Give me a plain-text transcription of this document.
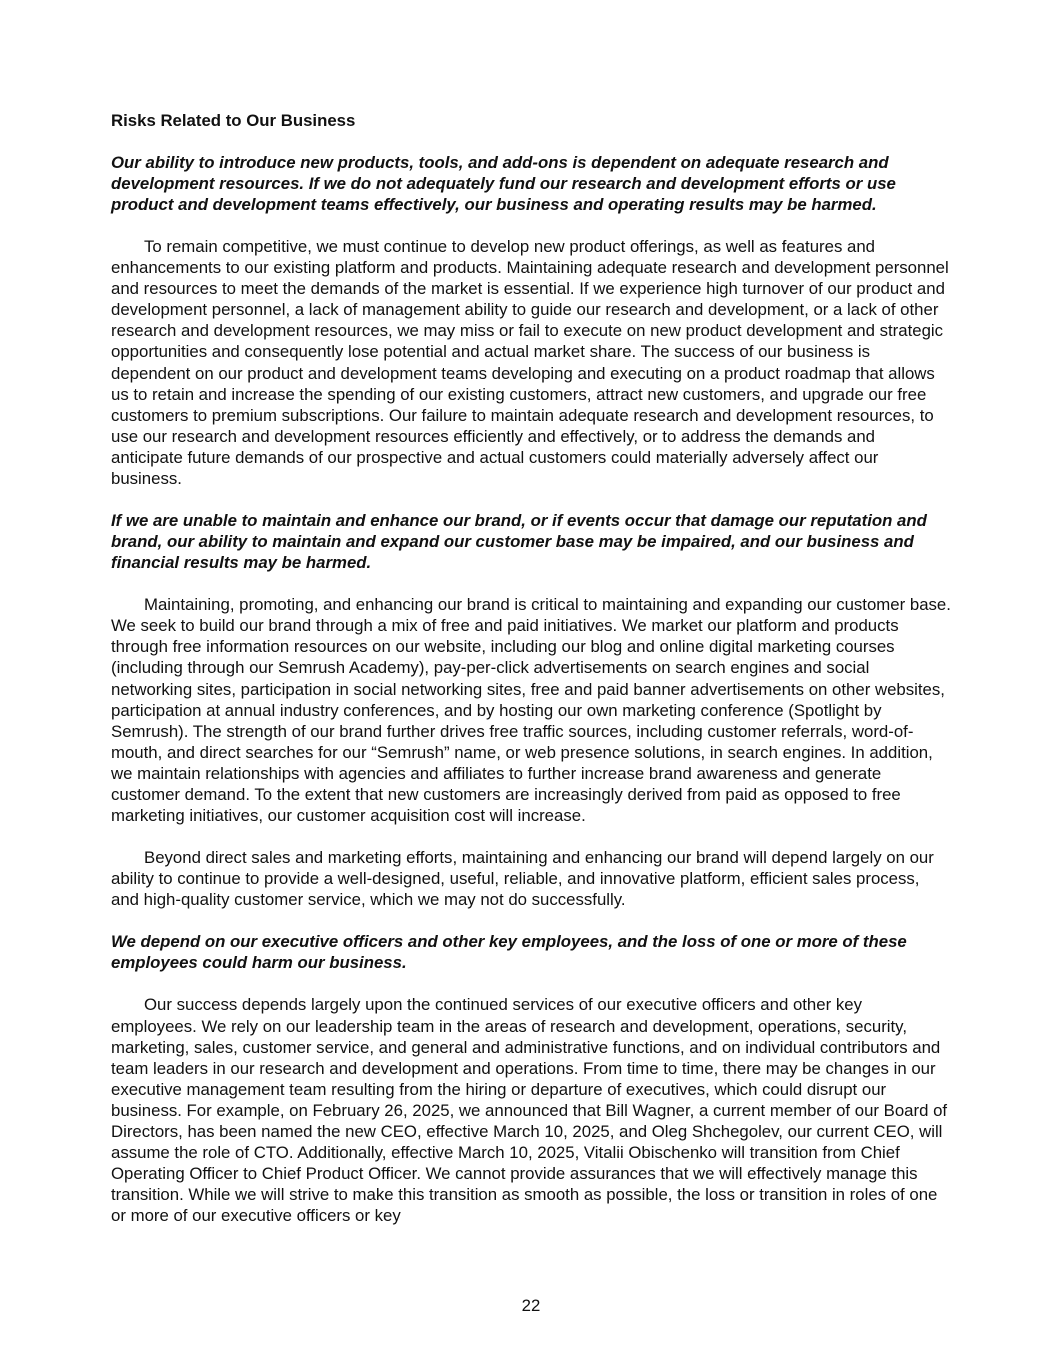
Risks Related to Our Business
Our ability to introduce new products, tools, and add-ons is dependent on adequate research and development resources. If we do not adequately fund our research and development efforts or use product and development teams effectively, our business and operating results may be harmed.

To remain competitive, we must continue to develop new product offerings, as well as features and enhancements to our existing platform and products. Maintaining adequate research and development personnel and resources to meet the demands of the market is essential. If we experience high turnover of our product and development personnel, a lack of management ability to guide our research and development, or a lack of other research and development resources, we may miss or fail to execute on new product development and strategic opportunities and consequently lose potential and actual market share. The success of our business is dependent on our product and development teams developing and executing on a product roadmap that allows us to retain and increase the spending of our existing customers, attract new customers, and upgrade our free customers to premium subscriptions. Our failure to maintain adequate research and development resources, to use our research and development resources efficiently and effectively, or to address the demands and anticipate future demands of our prospective and actual customers could materially adversely affect our business.

If we are unable to maintain and enhance our brand, or if events occur that damage our reputation and brand, our ability to maintain and expand our customer base may be impaired, and our business and financial results may be harmed.

Maintaining, promoting, and enhancing our brand is critical to maintaining and expanding our customer base. We seek to build our brand through a mix of free and paid initiatives. We market our platform and products through free information resources on our website, including our blog and online digital marketing courses (including through our Semrush Academy), pay-per-click advertisements on search engines and social networking sites, participation in social networking sites, free and paid banner advertisements on other websites, participation at annual industry conferences, and by hosting our own marketing conference (Spotlight by Semrush). The strength of our brand further drives free traffic sources, including customer referrals, word-of-mouth, and direct searches for our “Semrush” name, or web presence solutions, in search engines. In addition, we maintain relationships with agencies and affiliates to further increase brand awareness and generate customer demand. To the extent that new customers are increasingly derived from paid as opposed to free marketing initiatives, our customer acquisition cost will increase.

Beyond direct sales and marketing efforts, maintaining and enhancing our brand will depend largely on our ability to continue to provide a well-designed, useful, reliable, and innovative platform, efficient sales process, and high-quality customer service, which we may not do successfully.

We depend on our executive officers and other key employees, and the loss of one or more of these employees could harm our business.

Our success depends largely upon the continued services of our executive officers and other key employees. We rely on our leadership team in the areas of research and development, operations, security, marketing, sales, customer service, and general and administrative functions, and on individual contributors and team leaders in our research and development and operations. From time to time, there may be changes in our executive management team resulting from the hiring or departure of executives, which could disrupt our business. For example, on February 26, 2025, we announced that Bill Wagner, a current member of our Board of Directors, has been named the new CEO, effective March 10, 2025, and Oleg Shchegolev, our current CEO, will assume the role of CTO. Additionally, effective March 10, 2025, Vitalii Obischenko will transition from Chief Operating Officer to Chief Product Officer. We cannot provide assurances that we will effectively manage this transition. While we will strive to make this transition as smooth as possible, the loss or transition in roles of one or more of our executive officers or key

22
